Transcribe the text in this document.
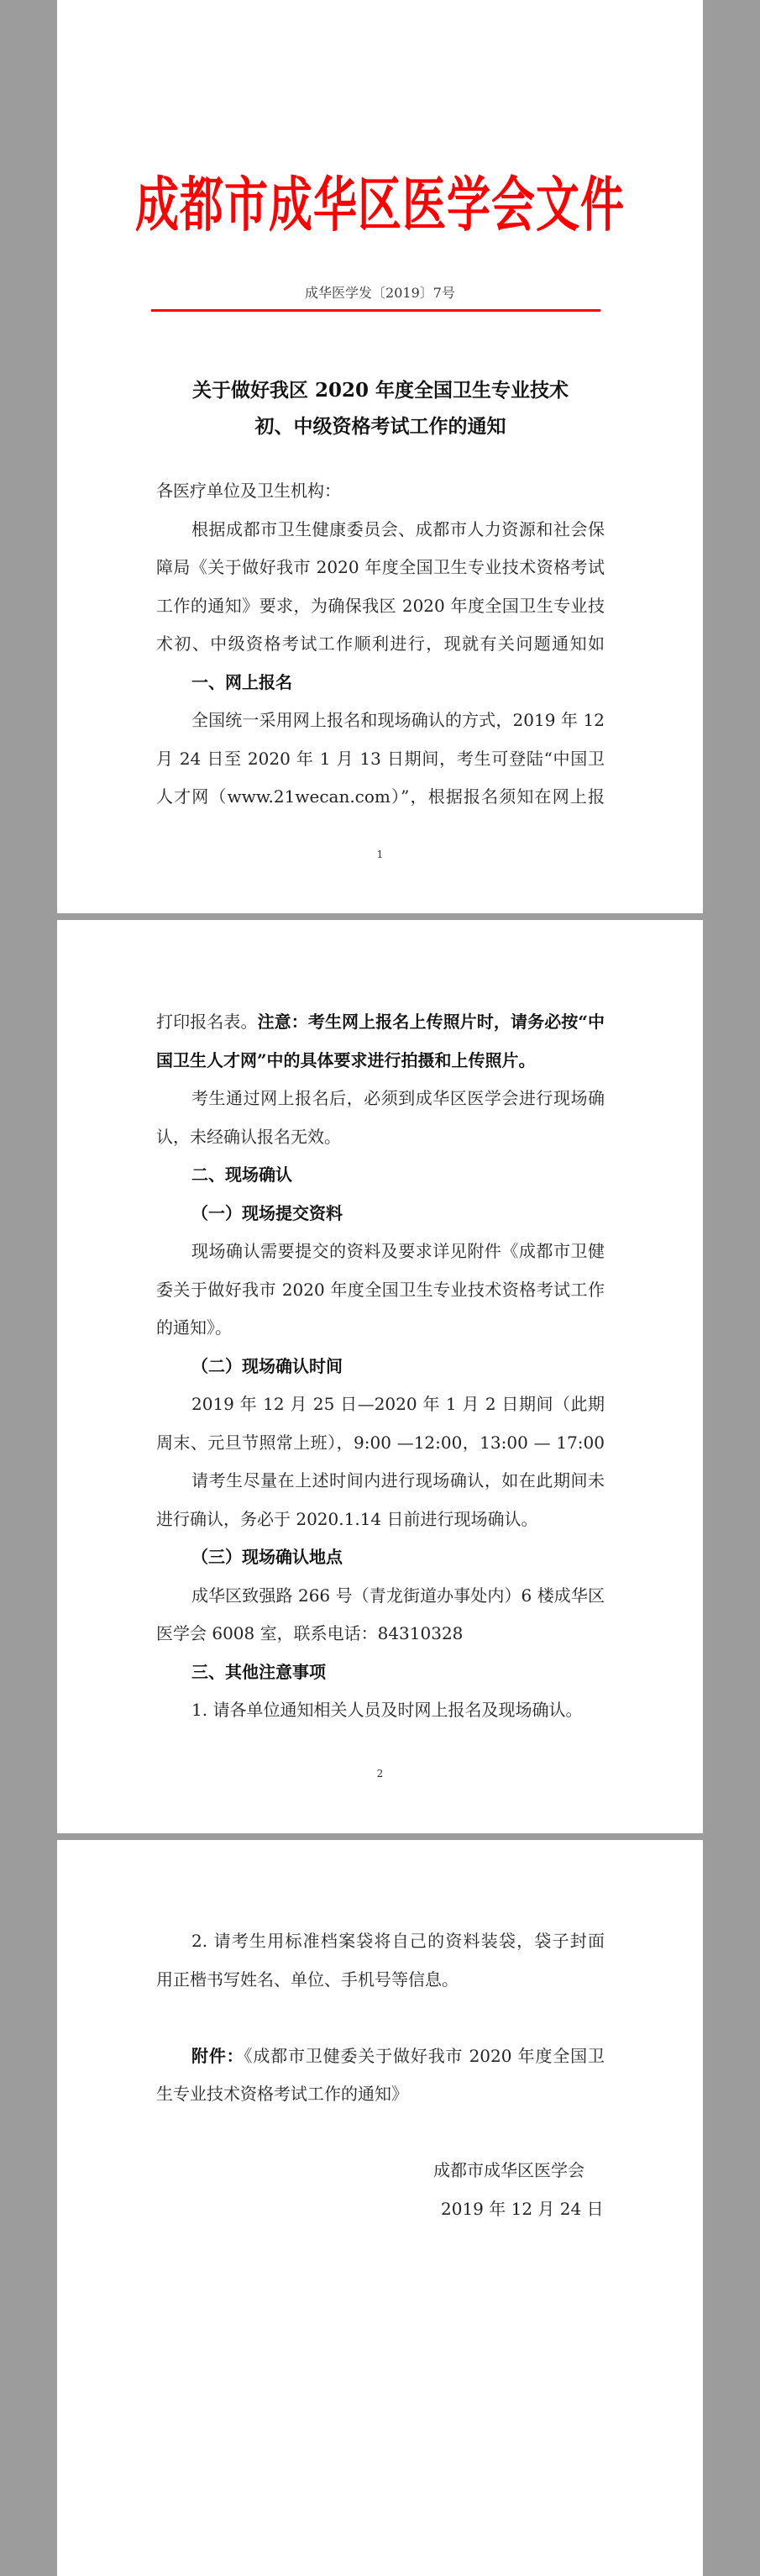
成都市成华区医学会文件
成华医学发〔2019〕7号
关于做好我区 2020 年度全国卫生专业技术
初、中级资格考试工作的通知
各医疗单位及卫生机构：
根据成都市卫生健康委员会、成都市人力资源和社会保
障局《关于做好我市 2020 年度全国卫生专业技术资格考试
工作的通知》要求，为确保我区 2020 年度全国卫生专业技
术初、中级资格考试工作顺利进行，现就有关问题通知如
一、网上报名
全国统一采用网上报名和现场确认的方式，2019 年 12
月 24 日至 2020 年 1 月 13 日期间，考生可登陆“中国卫
人才网（www.21wecan.com）”，根据报名须知在网上报
1
打印报名表。注意：考生网上报名上传照片时，请务必按“中
国卫生人才网”中的具体要求进行拍摄和上传照片。
考生通过网上报名后，必须到成华区医学会进行现场确
认，未经确认报名无效。
二、现场确认
（一）现场提交资料
现场确认需要提交的资料及要求详见附件《成都市卫健
委关于做好我市 2020 年度全国卫生专业技术资格考试工作
的通知》。
（二）现场确认时间
2019 年 12 月 25 日—2020 年 1 月 2 日期间（此期
周末、元旦节照常上班），9:00 —12:00，13:00 — 17:00
请考生尽量在上述时间内进行现场确认，如在此期间未
进行确认，务必于 2020.1.14 日前进行现场确认。
（三）现场确认地点
成华区致强路 266 号（青龙街道办事处内）6 楼成华区
医学会 6008 室，联系电话：84310328
三、其他注意事项
1. 请各单位通知相关人员及时网上报名及现场确认。
2
2. 请考生用标准档案袋将自己的资料装袋，袋子封面
用正楷书写姓名、单位、手机号等信息。
附件：《成都市卫健委关于做好我市 2020 年度全国卫
生专业技术资格考试工作的通知》
成都市成华区医学会
2019 年 12 月 24 日
